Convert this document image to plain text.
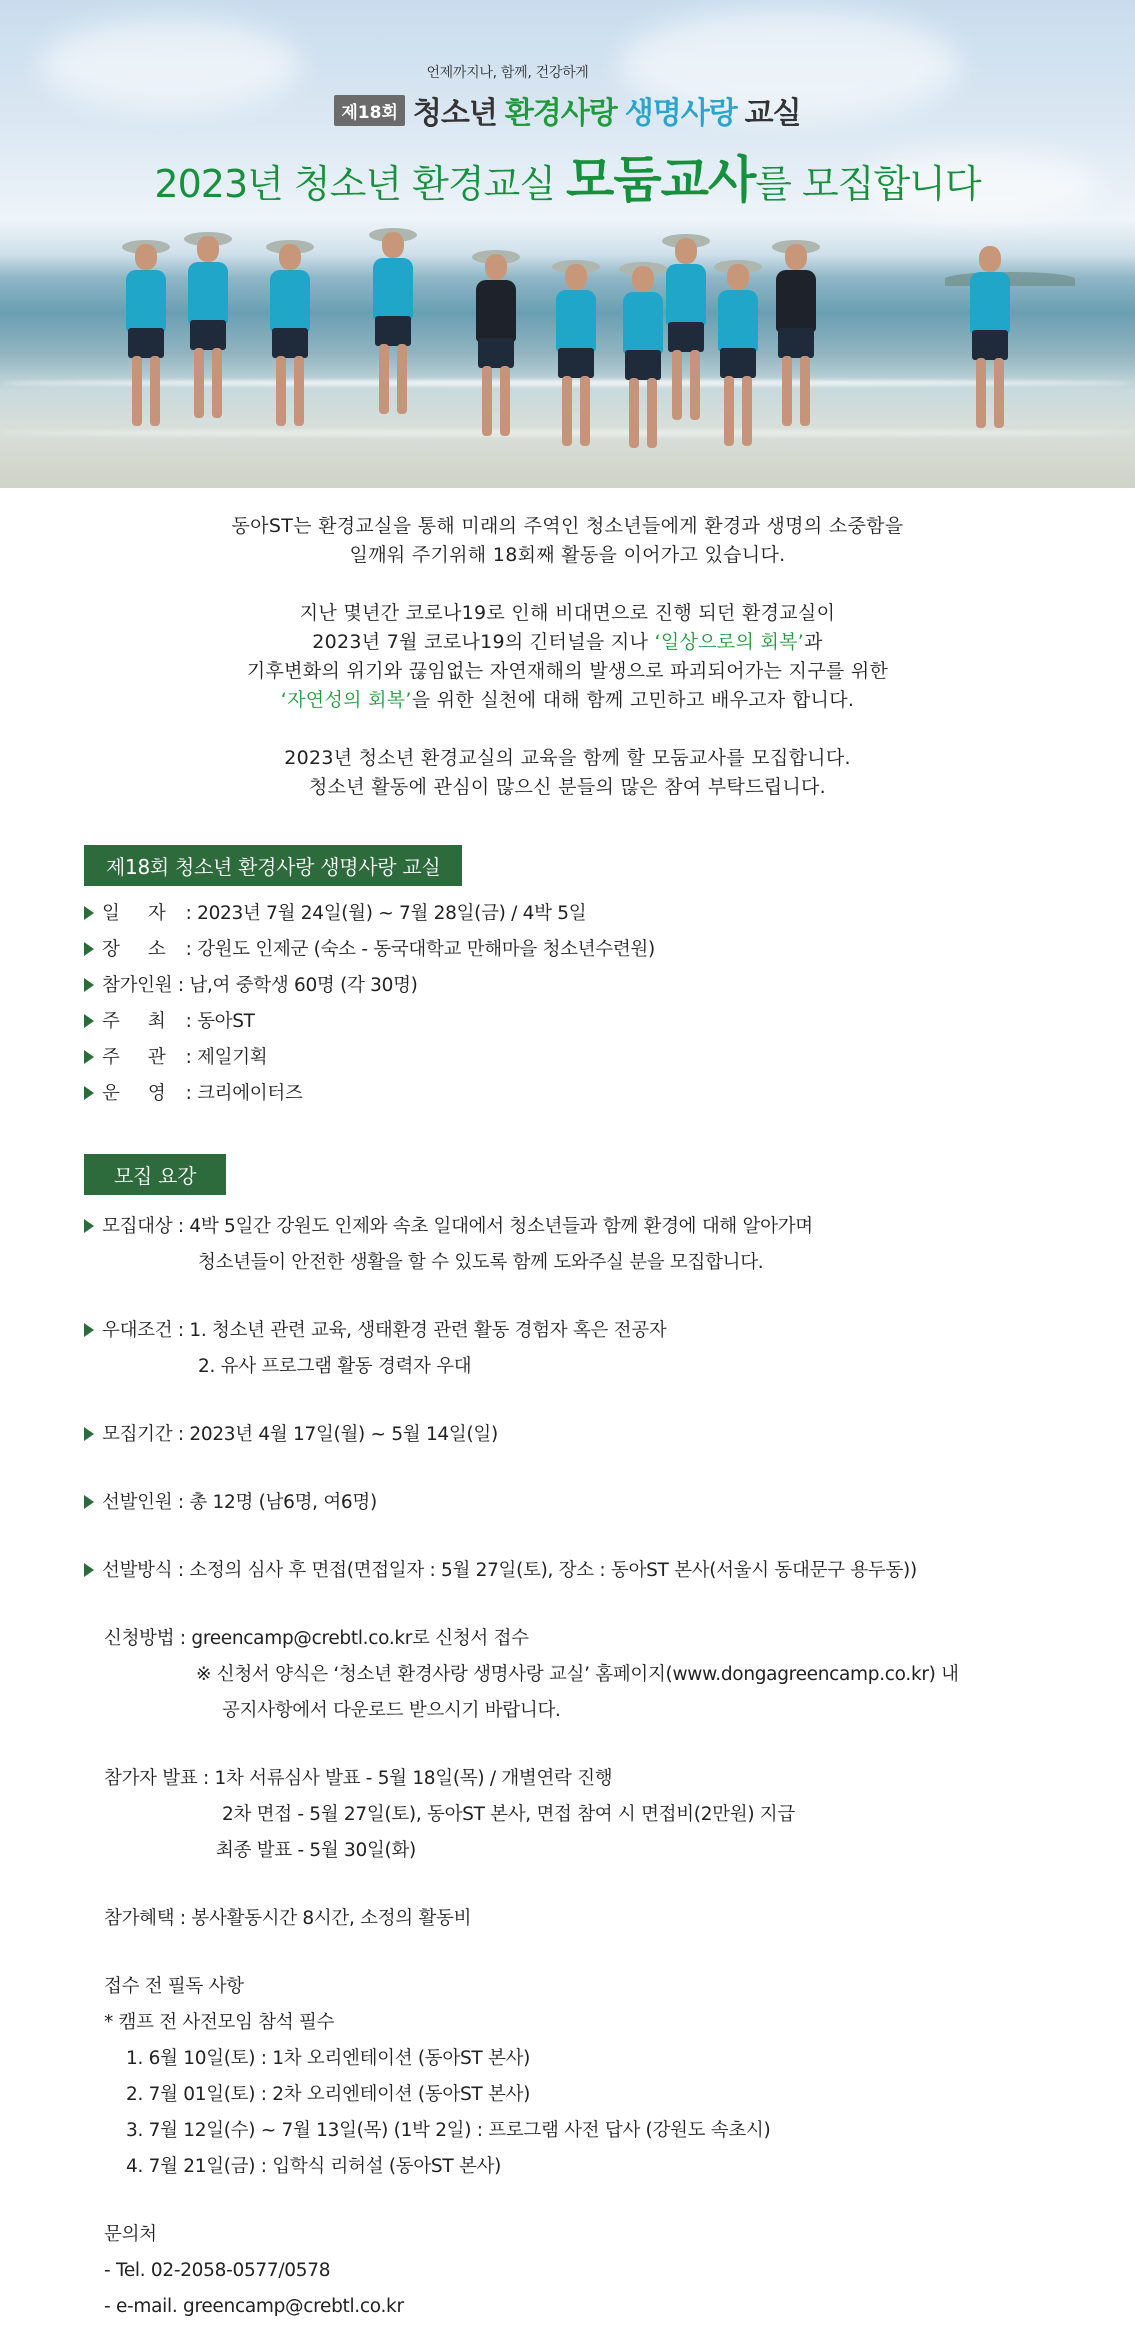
언제까지나, 함께, 건강하게
제18회 청소년 환경사랑 생명사랑 교실
2023년 청소년 환경교실 모둠교사를 모집합니다

동아ST는 환경교실을 통해 미래의 주역인 청소년들에게 환경과 생명의 소중함을
일깨워 주기위해 18회째 활동을 이어가고 있습니다.

지난 몇년간 코로나19로 인해 비대면으로 진행 되던 환경교실이
2023년 7월 코로나19의 긴터널을 지나 ‘일상으로의 회복’과
기후변화의 위기와 끊임없는 자연재해의 발생으로 파괴되어가는 지구를 위한
‘자연성의 회복’을 위한 실천에 대해 함께 고민하고 배우고자 합니다.

2023년 청소년 환경교실의 교육을 함께 할 모둠교사를 모집합니다.
청소년 활동에 관심이 많으신 분들의 많은 참여 부탁드립니다.

제18회 청소년 환경사랑 생명사랑 교실
일 자 : 2023년 7월 24일(월) ~ 7월 28일(금) / 4박 5일
장 소 : 강원도 인제군 (숙소 - 동국대학교 만해마을 청소년수련원)
참가인원 : 남,여 중학생 60명 (각 30명)
주 최 : 동아ST
주 관 : 제일기획
운 영 : 크리에이터즈
모집 요강
모집대상 : 4박 5일간 강원도 인제와 속초 일대에서 청소년들과 함께 환경에 대해 알아가며
청소년들이 안전한 생활을 할 수 있도록 함께 도와주실 분을 모집합니다.
우대조건 : 1. 청소년 관련 교육, 생태환경 관련 활동 경험자 혹은 전공자
2. 유사 프로그램 활동 경력자 우대
모집기간 : 2023년 4월 17일(월) ~ 5월 14일(일)
선발인원 : 총 12명 (남6명, 여6명)
선발방식 : 소정의 심사 후 면접(면접일자 : 5월 27일(토), 장소 : 동아ST 본사(서울시 동대문구 용두동))
신청방법 : greencamp@crebtl.co.kr로 신청서 접수
※ 신청서 양식은 ‘청소년 환경사랑 생명사랑 교실’ 홈페이지(www.dongagreencamp.co.kr) 내
공지사항에서 다운로드 받으시기 바랍니다.
참가자 발표 : 1차 서류심사 발표 - 5월 18일(목) / 개별연락 진행
2차 면접 - 5월 27일(토), 동아ST 본사, 면접 참여 시 면접비(2만원) 지급
최종 발표 - 5월 30일(화)
참가혜택 : 봉사활동시간 8시간, 소정의 활동비
접수 전 필독 사항
* 캠프 전 사전모임 참석 필수
1. 6월 10일(토) : 1차 오리엔테이션 (동아ST 본사)
2. 7월 01일(토) : 2차 오리엔테이션 (동아ST 본사)
3. 7월 12일(수) ~ 7월 13일(목) (1박 2일) : 프로그램 사전 답사 (강원도 속초시)
4. 7월 21일(금) : 입학식 리허설 (동아ST 본사)
문의처
- Tel. 02-2058-0577/0578
- e-mail. greencamp@crebtl.co.kr
